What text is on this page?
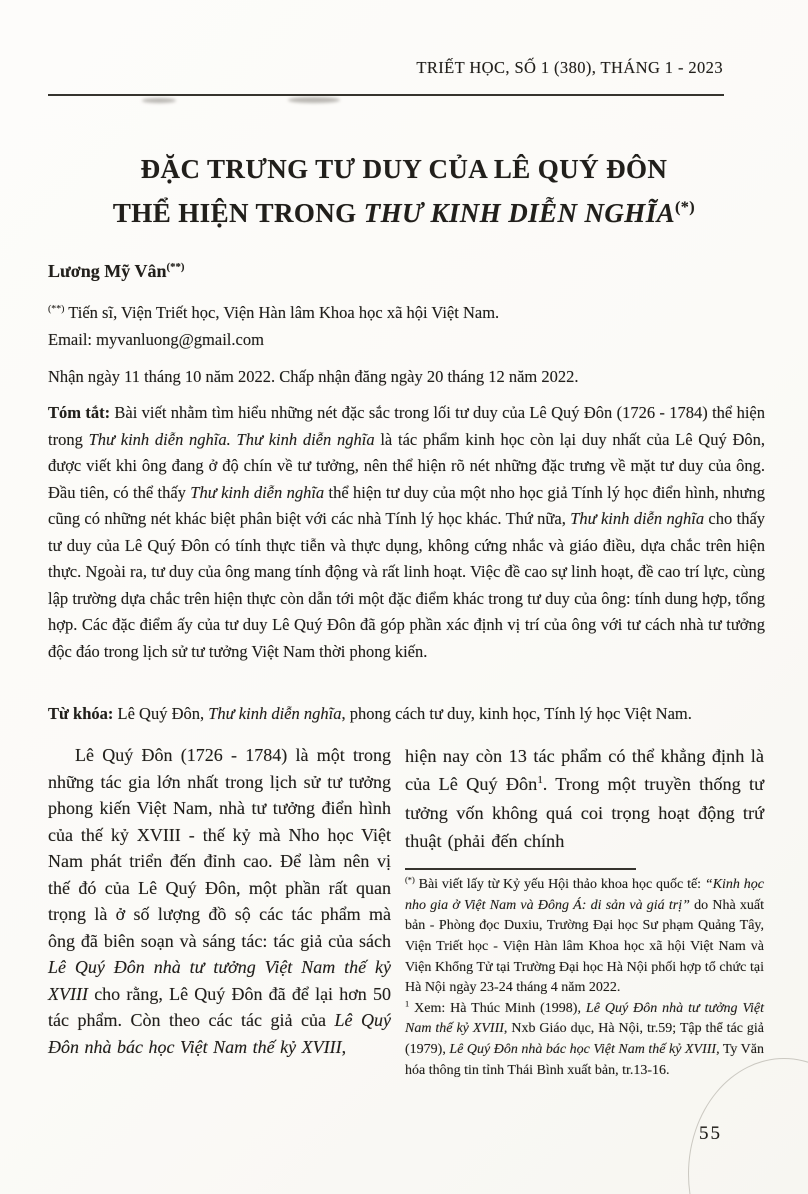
TRIẾT HỌC, SỐ 1 (380), THÁNG 1 - 2023
ĐẶC TRƯNG TƯ DUY CỦA LÊ QUÝ ĐÔN
THỂ HIỆN TRONG THƯ KINH DIỄN NGHĨA(*)
Lương Mỹ Vân(**)
(**) Tiến sĩ, Viện Triết học, Viện Hàn lâm Khoa học xã hội Việt Nam.
Email: myvanluong@gmail.com
Nhận ngày 11 tháng 10 năm 2022. Chấp nhận đăng ngày 20 tháng 12 năm 2022.

Tóm tắt: Bài viết nhằm tìm hiểu những nét đặc sắc trong lối tư duy của Lê Quý Đôn (1726 - 1784) thể hiện trong Thư kinh diễn nghĩa. Thư kinh diễn nghĩa là tác phẩm kinh học còn lại duy nhất của Lê Quý Đôn, được viết khi ông đang ở độ chín về tư tưởng, nên thể hiện rõ nét những đặc trưng về mặt tư duy của ông. Đầu tiên, có thể thấy Thư kinh diễn nghĩa thể hiện tư duy của một nho học giả Tính lý học điển hình, nhưng cũng có những nét khác biệt phân biệt với các nhà Tính lý học khác. Thứ nữa, Thư kinh diễn nghĩa cho thấy tư duy của Lê Quý Đôn có tính thực tiễn và thực dụng, không cứng nhắc và giáo điều, dựa chắc trên hiện thực. Ngoài ra, tư duy của ông mang tính động và rất linh hoạt. Việc đề cao sự linh hoạt, đề cao trí lực, cùng lập trường dựa chắc trên hiện thực còn dẫn tới một đặc điểm khác trong tư duy của ông: tính dung hợp, tổng hợp. Các đặc điểm ấy của tư duy Lê Quý Đôn đã góp phần xác định vị trí của ông với tư cách nhà tư tưởng độc đáo trong lịch sử tư tưởng Việt Nam thời phong kiến.

Từ khóa: Lê Quý Đôn, Thư kinh diễn nghĩa, phong cách tư duy, kinh học, Tính lý học Việt Nam.

Lê Quý Đôn (1726 - 1784) là một trong những tác gia lớn nhất trong lịch sử tư tưởng phong kiến Việt Nam, nhà tư tưởng điển hình của thế kỷ XVIII - thế kỷ mà Nho học Việt Nam phát triển đến đỉnh cao. Để làm nên vị thế đó của Lê Quý Đôn, một phần rất quan trọng là ở số lượng đồ sộ các tác phẩm mà ông đã biên soạn và sáng tác: tác giả của sách Lê Quý Đôn nhà tư tưởng Việt Nam thế kỷ XVIII cho rằng, Lê Quý Đôn đã để lại hơn 50 tác phẩm. Còn theo các tác giả của Lê Quý Đôn nhà bác học Việt Nam thế kỷ XVIII,

hiện nay còn 13 tác phẩm có thể khẳng định là của Lê Quý Đôn$^1$. Trong một truyền thống tư tưởng vốn không quá coi trọng hoạt động trứ thuật (phải đến chính

(*) Bài viết lấy từ Kỷ yếu Hội thảo khoa học quốc tế: “Kinh học nho gia ở Việt Nam và Đông Á: di sản và giá trị” do Nhà xuất bản - Phòng đọc Duxiu, Trường Đại học Sư phạm Quảng Tây, Viện Triết học - Viện Hàn lâm Khoa học xã hội Việt Nam và Viện Khổng Tử tại Trường Đại học Hà Nội phối hợp tổ chức tại Hà Nội ngày 23-24 tháng 4 năm 2022.

$^1$ Xem: Hà Thúc Minh (1998), Lê Quý Đôn nhà tư tưởng Việt Nam thế kỷ XVIII, Nxb Giáo dục, Hà Nội, tr.59; Tập thể tác giả (1979), Lê Quý Đôn nhà bác học Việt Nam thế kỷ XVIII, Ty Văn hóa thông tin tỉnh Thái Bình xuất bản, tr.13-16.

55
